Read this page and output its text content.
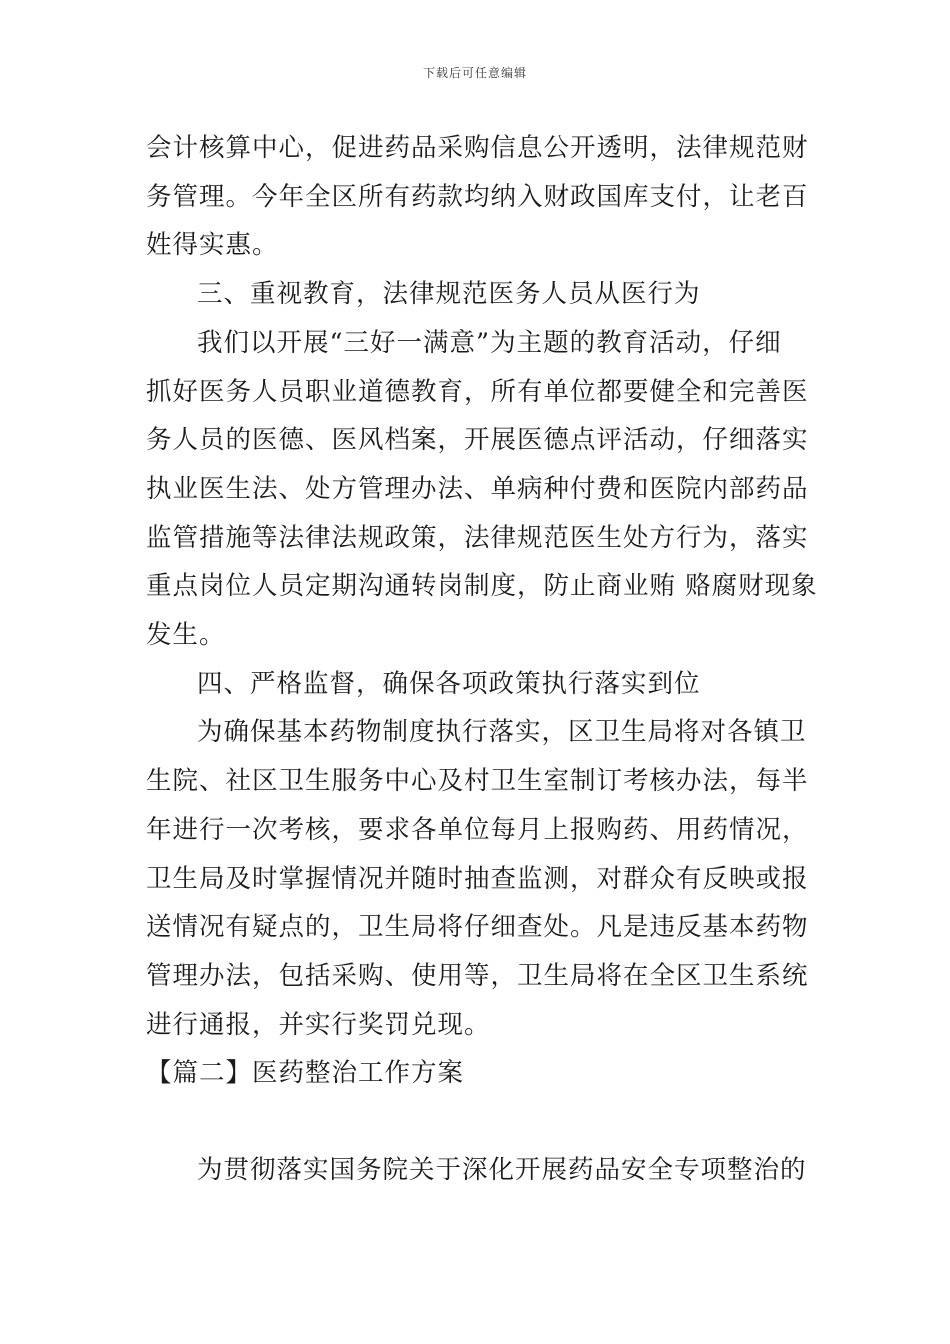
下载后可任意编辑

会计核算中心，促进药品采购信息公开透明，法律规范财

务管理。今年全区所有药款均纳入财政国库支付，让老百

姓得实惠。

三、重视教育，法律规范医务人员从医行为

我们以开展“三好一满意”为主题的教育活动，仔细

抓好医务人员职业道德教育，所有单位都要健全和完善医

务人员的医德、医风档案，开展医德点评活动，仔细落实

执业医生法、处方管理办法、单病种付费和医院内部药品

监管措施等法律法规政策，法律规范医生处方行为，落实

重点岗位人员定期沟通转岗制度，防止商业贿 赂腐财现象

发生。

四、严格监督，确保各项政策执行落实到位

为确保基本药物制度执行落实，区卫生局将对各镇卫

生院、社区卫生服务中心及村卫生室制订考核办法，每半

年进行一次考核，要求各单位每月上报购药、用药情况，

卫生局及时掌握情况并随时抽查监测，对群众有反映或报

送情况有疑点的，卫生局将仔细查处。凡是违反基本药物

管理办法，包括采购、使用等，卫生局将在全区卫生系统

进行通报，并实行奖罚兑现。

【篇二】医药整治工作方案

为贯彻落实国务院关于深化开展药品安全专项整治的
